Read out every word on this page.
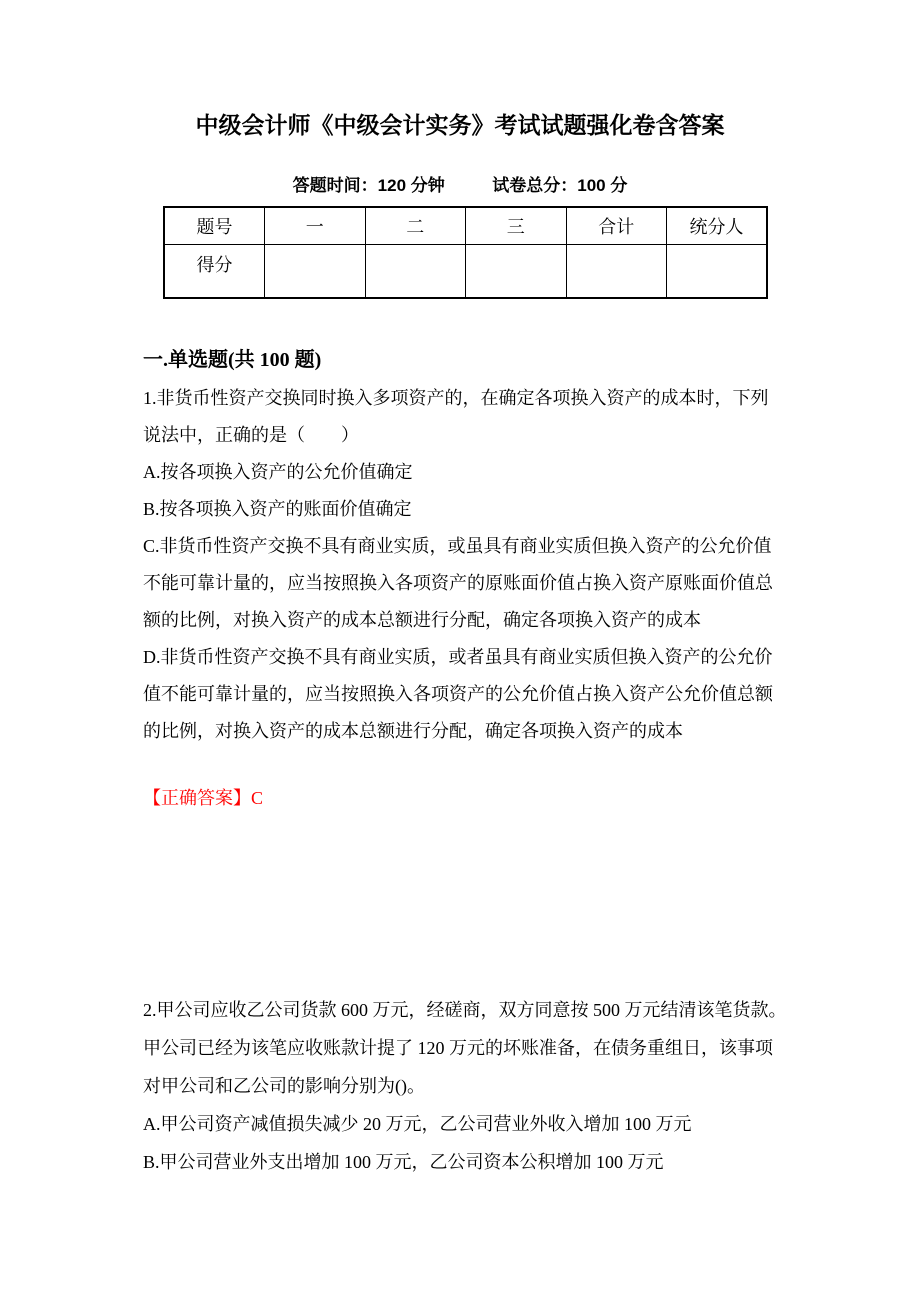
中级会计师《中级会计实务》考试试题强化卷含答案
答题时间：120 分钟	试卷总分：100 分
题号	一	二	三	合计	统分人
得分					
一.单选题(共 100 题)

1.非货币性资产交换同时换入多项资产的，在确定各项换入资产的成本时，下列

说法中，正确的是（　　）

A.按各项换入资产的公允价值确定

B.按各项换入资产的账面价值确定

C.非货币性资产交换不具有商业实质，或虽具有商业实质但换入资产的公允价值

不能可靠计量的，应当按照换入各项资产的原账面价值占换入资产原账面价值总

额的比例，对换入资产的成本总额进行分配，确定各项换入资产的成本

D.非货币性资产交换不具有商业实质，或者虽具有商业实质但换入资产的公允价

值不能可靠计量的，应当按照换入各项资产的公允价值占换入资产公允价值总额

的比例，对换入资产的成本总额进行分配，确定各项换入资产的成本

【正确答案】C

2.甲公司应收乙公司货款 600 万元，经磋商，双方同意按 500 万元结清该笔货款。

甲公司已经为该笔应收账款计提了 120 万元的坏账准备，在债务重组日，该事项

对甲公司和乙公司的影响分别为()。

A.甲公司资产减值损失减少 20 万元，乙公司营业外收入增加 100 万元

B.甲公司营业外支出增加 100 万元，乙公司资本公积增加 100 万元
